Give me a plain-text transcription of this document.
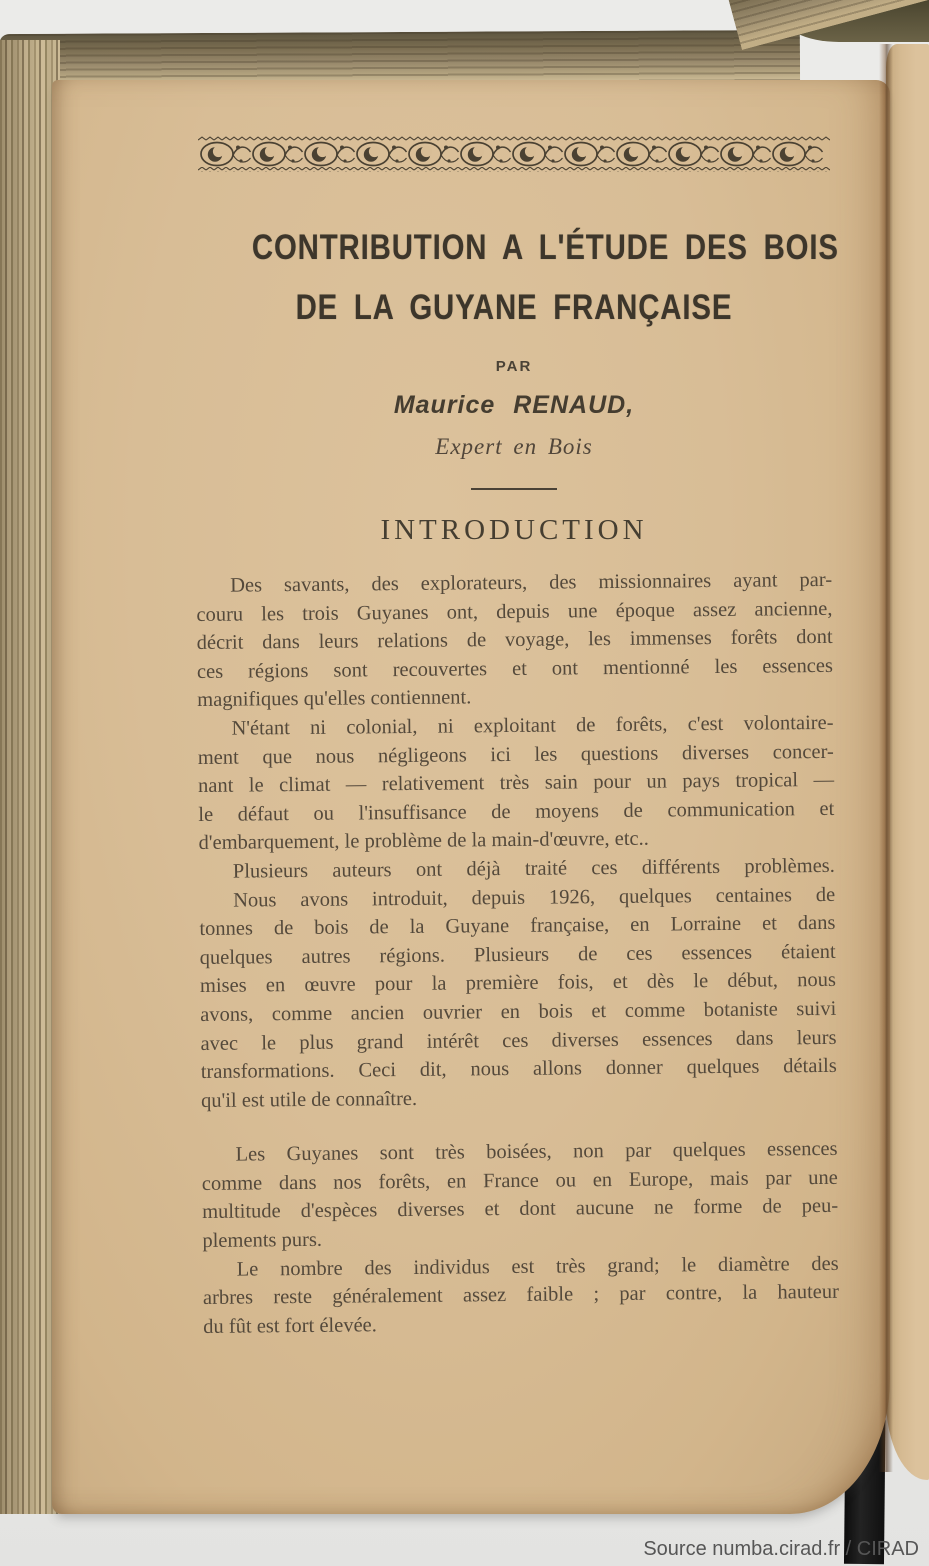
CONTRIBUTION A L'ÉTUDE DES BOIS
DE LA GUYANE FRANÇAISE
PAR
Maurice RENAUD,
Expert en Bois
INTRODUCTION
Des savants, des explorateurs, des missionnaires ayant par-
couru les trois Guyanes ont, depuis une époque assez ancienne,
décrit dans leurs relations de voyage, les immenses forêts dont
ces régions sont recouvertes et ont mentionné les essences
magnifiques qu'elles contiennent.
N'étant ni colonial, ni exploitant de forêts, c'est volontaire-
ment que nous négligeons ici les questions diverses concer-
nant le climat — relativement très sain pour un pays tropical —
le défaut ou l'insuffisance de moyens de communication et
d'embarquement, le problème de la main-d'œuvre, etc..
Plusieurs auteurs ont déjà traité ces différents problèmes.
Nous avons introduit, depuis 1926, quelques centaines de
tonnes de bois de la Guyane française, en Lorraine et dans
quelques autres régions. Plusieurs de ces essences étaient
mises en œuvre pour la première fois, et dès le début, nous
avons, comme ancien ouvrier en bois et comme botaniste suivi
avec le plus grand intérêt ces diverses essences dans leurs
transformations. Ceci dit, nous allons donner quelques détails
qu'il est utile de connaître.
Les Guyanes sont très boisées, non par quelques essences
comme dans nos forêts, en France ou en Europe, mais par une
multitude d'espèces diverses et dont aucune ne forme de peu-
plements purs.
Le nombre des individus est très grand; le diamètre des
arbres reste généralement assez faible ; par contre, la hauteur
du fût est fort élevée.
Source numba.cirad.fr / CIRAD
